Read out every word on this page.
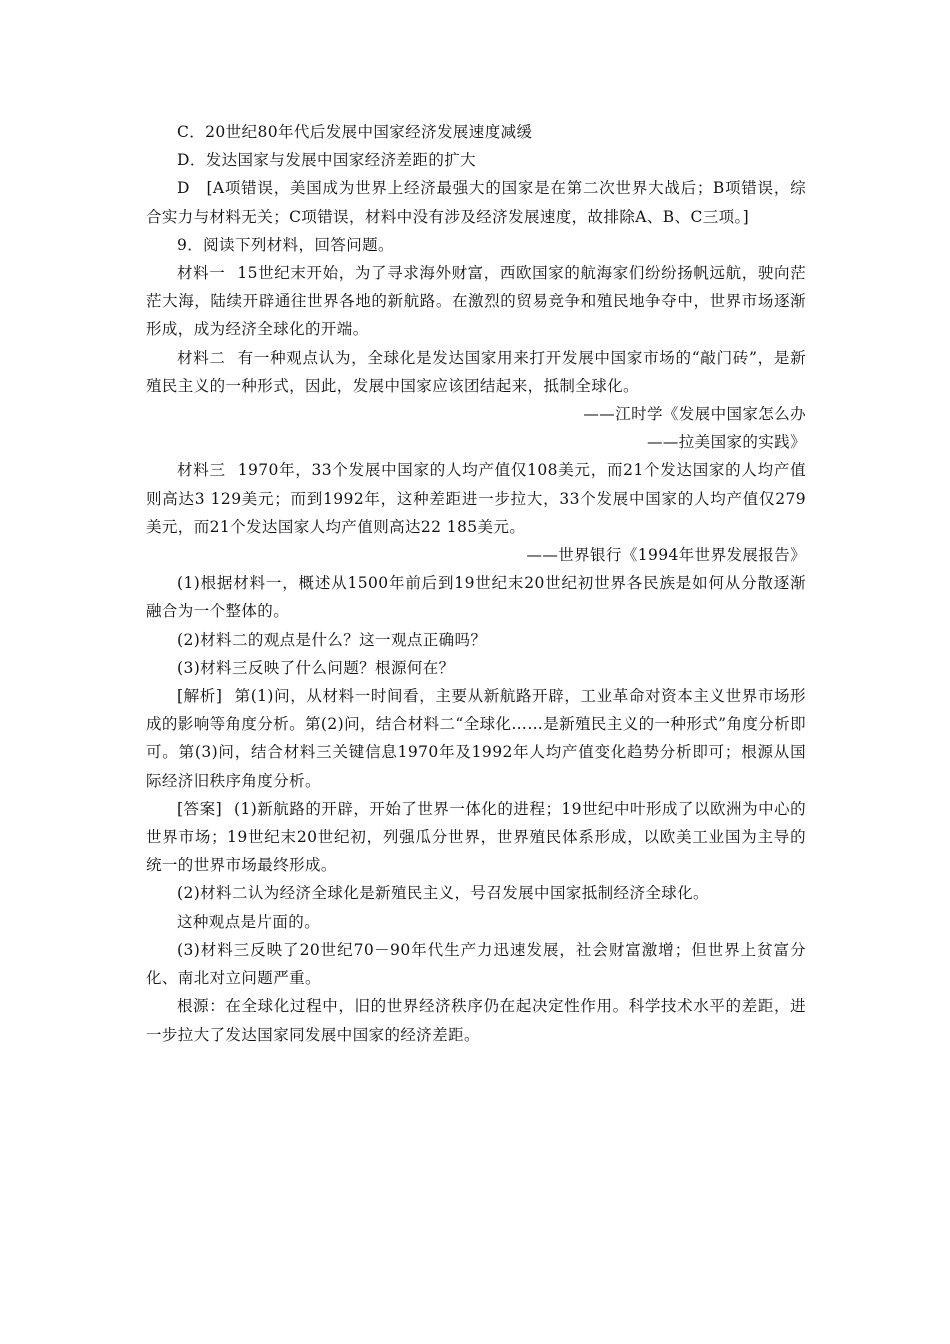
C．20世纪80年代后发展中国家经济发展速度减缓

D．发达国家与发展中国家经济差距的扩大

D　[A项错误，美国成为世界上经济最强大的国家是在第二次世界大战后；B项错误，综合实力与材料无关；C项错误，材料中没有涉及经济发展速度，故排除A、B、C三项。]

9．阅读下列材料，回答问题。

材料一 15世纪末开始，为了寻求海外财富，西欧国家的航海家们纷纷扬帆远航，驶向茫茫大海，陆续开辟通往世界各地的新航路。在激烈的贸易竞争和殖民地争夺中，世界市场逐渐形成，成为经济全球化的开端。

材料二 有一种观点认为，全球化是发达国家用来打开发展中国家市场的“敲门砖”，是新殖民主义的一种形式，因此，发展中国家应该团结起来，抵制全球化。

——江时学《发展中国家怎么办

——拉美国家的实践》

材料三 1970年，33个发展中国家的人均产值仅108美元，而21个发达国家的人均产值则高达3 129美元；而到1992年，这种差距进一步拉大，33个发展中国家的人均产值仅279美元，而21个发达国家人均产值则高达22 185美元。

——世界银行《1994年世界发展报告》

(1)根据材料一，概述从1500年前后到19世纪末20世纪初世界各民族是如何从分散逐渐融合为一个整体的。

(2)材料二的观点是什么？这一观点正确吗？

(3)材料三反映了什么问题？根源何在？

[解析] 第(1)问，从材料一时间看，主要从新航路开辟，工业革命对资本主义世界市场形成的影响等角度分析。第(2)问，结合材料二“全球化……是新殖民主义的一种形式”角度分析即可。第(3)问，结合材料三关键信息1970年及1992年人均产值变化趋势分析即可；根源从国际经济旧秩序角度分析。

[答案] (1)新航路的开辟，开始了世界一体化的进程；19世纪中叶形成了以欧洲为中心的世界市场；19世纪末20世纪初，列强瓜分世界，世界殖民体系形成，以欧美工业国为主导的统一的世界市场最终形成。

(2)材料二认为经济全球化是新殖民主义，号召发展中国家抵制经济全球化。

这种观点是片面的。

(3)材料三反映了20世纪70－90年代生产力迅速发展，社会财富激增；但世界上贫富分化、南北对立问题严重。

根源：在全球化过程中，旧的世界经济秩序仍在起决定性作用。科学技术水平的差距，进一步拉大了发达国家同发展中国家的经济差距。
